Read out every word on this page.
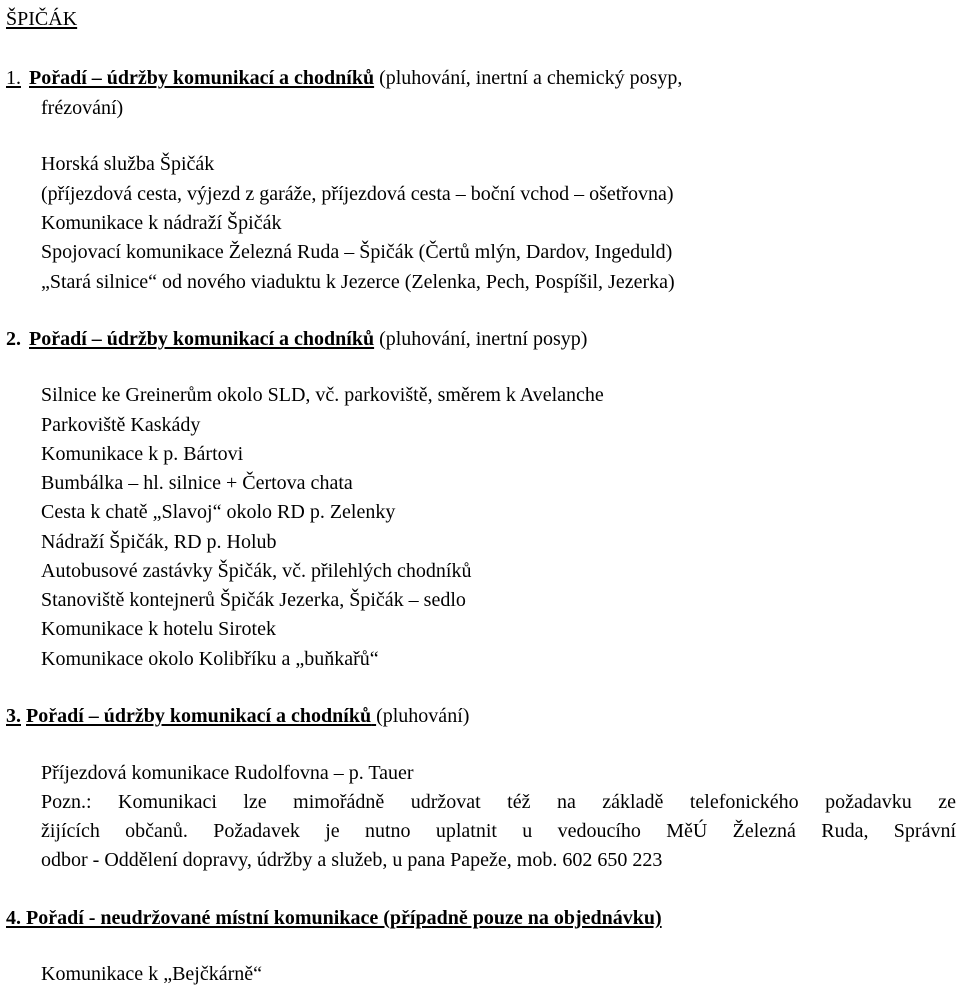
ŠPIČÁK
1. Pořadí – údržby komunikací a chodníků (pluhování, inertní a chemický posyp,
frézování)
Horská služba Špičák
(příjezdová cesta, výjezd z garáže, příjezdová cesta – boční vchod – ošetřovna)
Komunikace k nádraží Špičák
Spojovací komunikace Železná Ruda – Špičák (Čertů mlýn, Dardov, Ingeduld)
„Stará silnice“ od nového viaduktu k Jezerce (Zelenka, Pech, Pospíšil, Jezerka)
2. Pořadí – údržby komunikací a chodníků (pluhování, inertní posyp)
Silnice ke Greinerům okolo SLD, vč. parkoviště, směrem k Avelanche
Parkoviště Kaskády
Komunikace k p. Bártovi
Bumbálka – hl. silnice + Čertova chata
Cesta k chatě „Slavoj“ okolo RD p. Zelenky
Nádraží Špičák, RD p. Holub
Autobusové zastávky Špičák, vč. přilehlých chodníků
Stanoviště kontejnerů Špičák Jezerka, Špičák – sedlo
Komunikace k hotelu Sirotek
Komunikace okolo Kolibříku a „buňkařů“
3. Pořadí – údržby komunikací a chodníků (pluhování)
Příjezdová komunikace Rudolfovna – p. Tauer
Pozn.: Komunikaci lze mimořádně udržovat též na základě telefonického požadavku ze
žijících občanů. Požadavek je nutno uplatnit u vedoucího MěÚ Železná Ruda, Správní
odbor - Oddělení dopravy, údržby a služeb, u pana Papeže, mob. 602 650 223
4. Pořadí - neudržované místní komunikace (případně pouze na objednávku)
Komunikace k „Bejčkárně“
